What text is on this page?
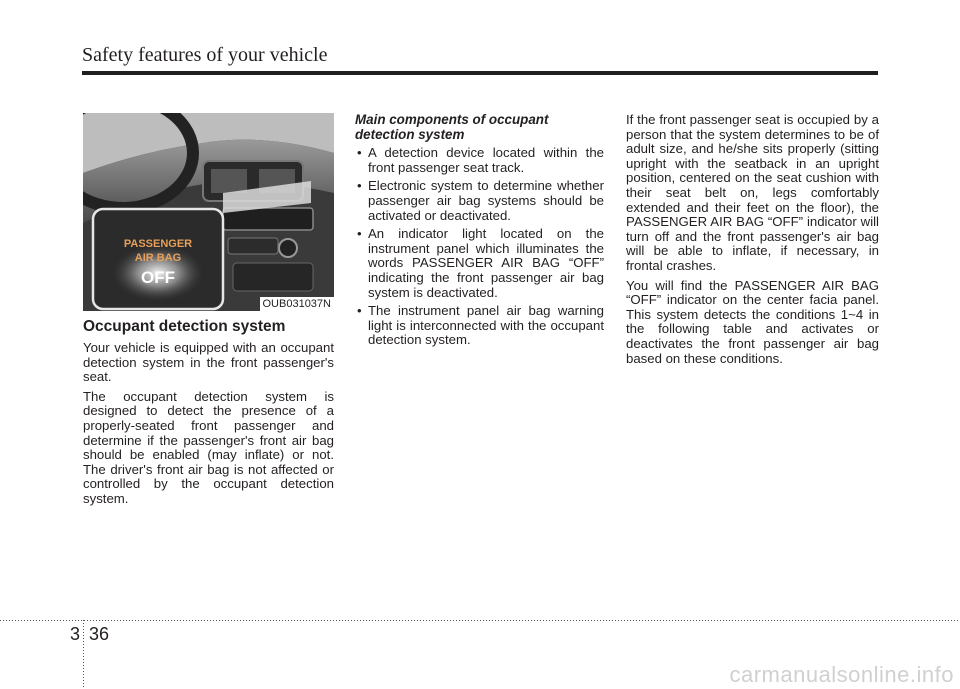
Safety features of your vehicle
PASSENGER
AIR BAG
OFF
OUB031037N
Occupant detection system

Your vehicle is equipped with an occupant detection system in the front passenger's seat.

The occupant detection system is designed to detect the presence of a properly-seated front passenger and determine if the passenger's front air bag should be enabled (may inflate) or not. The driver's front air bag is not affected or controlled by the occupant detection system.

Main components of occupant detection system
• A detection device located within the front passenger seat track.
• Electronic system to determine whether passenger air bag systems should be activated or deactivated.
• An indicator light located on the instrument panel which illuminates the words PASSENGER AIR BAG “OFF” indicating the front passenger air bag system is deactivated.
• The instrument panel air bag warning light is interconnected with the occupant detection system.

If the front passenger seat is occupied by a person that the system determines to be of adult size, and he/she sits properly (sitting upright with the seatback in an upright position, centered on the seat cushion with their seat belt on, legs comfortably extended and their feet on the floor), the PASSENGER AIR BAG “OFF” indicator will turn off and the front passenger's air bag will be able to inflate, if necessary, in frontal crashes.

You will find the PASSENGER AIR BAG “OFF” indicator on the center facia panel. This system detects the conditions 1~4 in the following table and activates or deactivates the front passenger air bag based on these conditions.

3 36
carmanualsonline.info
